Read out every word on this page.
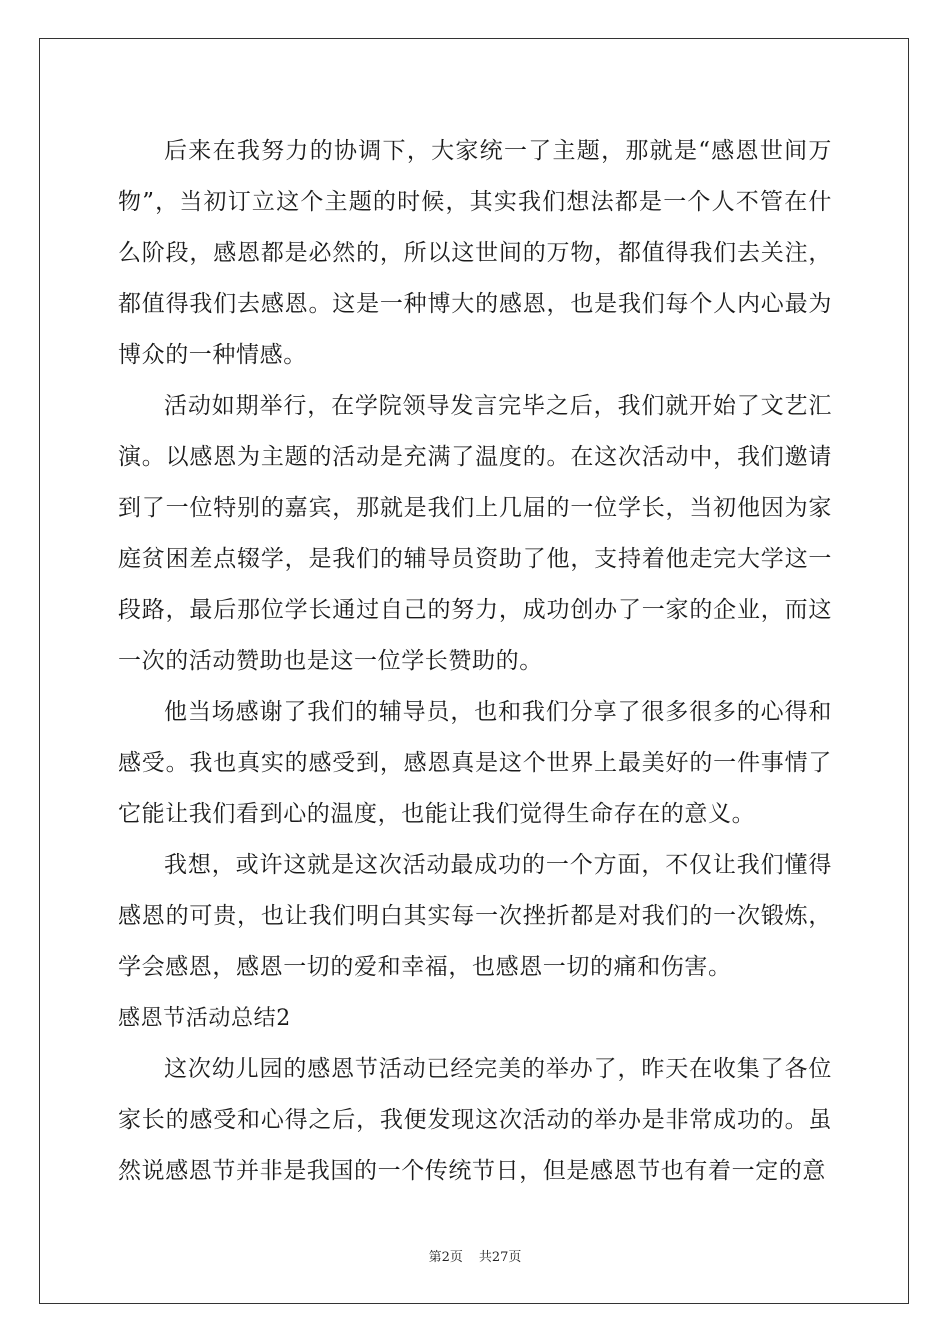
后来在我努力的协调下，大家统一了主题，那就是“感恩世间万物”，当初订立这个主题的时候，其实我们想法都是一个人不管在什么阶段，感恩都是必然的，所以这世间的万物，都值得我们去关注，都值得我们去感恩。这是一种博大的感恩，也是我们每个人内心最为博众的一种情感。

活动如期举行，在学院领导发言完毕之后，我们就开始了文艺汇演。以感恩为主题的活动是充满了温度的。在这次活动中，我们邀请到了一位特别的嘉宾，那就是我们上几届的一位学长，当初他因为家庭贫困差点辍学，是我们的辅导员资助了他，支持着他走完大学这一段路，最后那位学长通过自己的努力，成功创办了一家的企业，而这一次的活动赞助也是这一位学长赞助的。

他当场感谢了我们的辅导员，也和我们分享了很多很多的心得和感受。我也真实的感受到，感恩真是这个世界上最美好的一件事情了它能让我们看到心的温度，也能让我们觉得生命存在的意义。

我想，或许这就是这次活动最成功的一个方面，不仅让我们懂得感恩的可贵，也让我们明白其实每一次挫折都是对我们的一次锻炼，学会感恩，感恩一切的爱和幸福，也感恩一切的痛和伤害。

感恩节活动总结2

这次幼儿园的感恩节活动已经完美的举办了，昨天在收集了各位家长的感受和心得之后，我便发现这次活动的举办是非常成功的。虽然说感恩节并非是我国的一个传统节日，但是感恩节也有着一定的意

第2页 共27页
